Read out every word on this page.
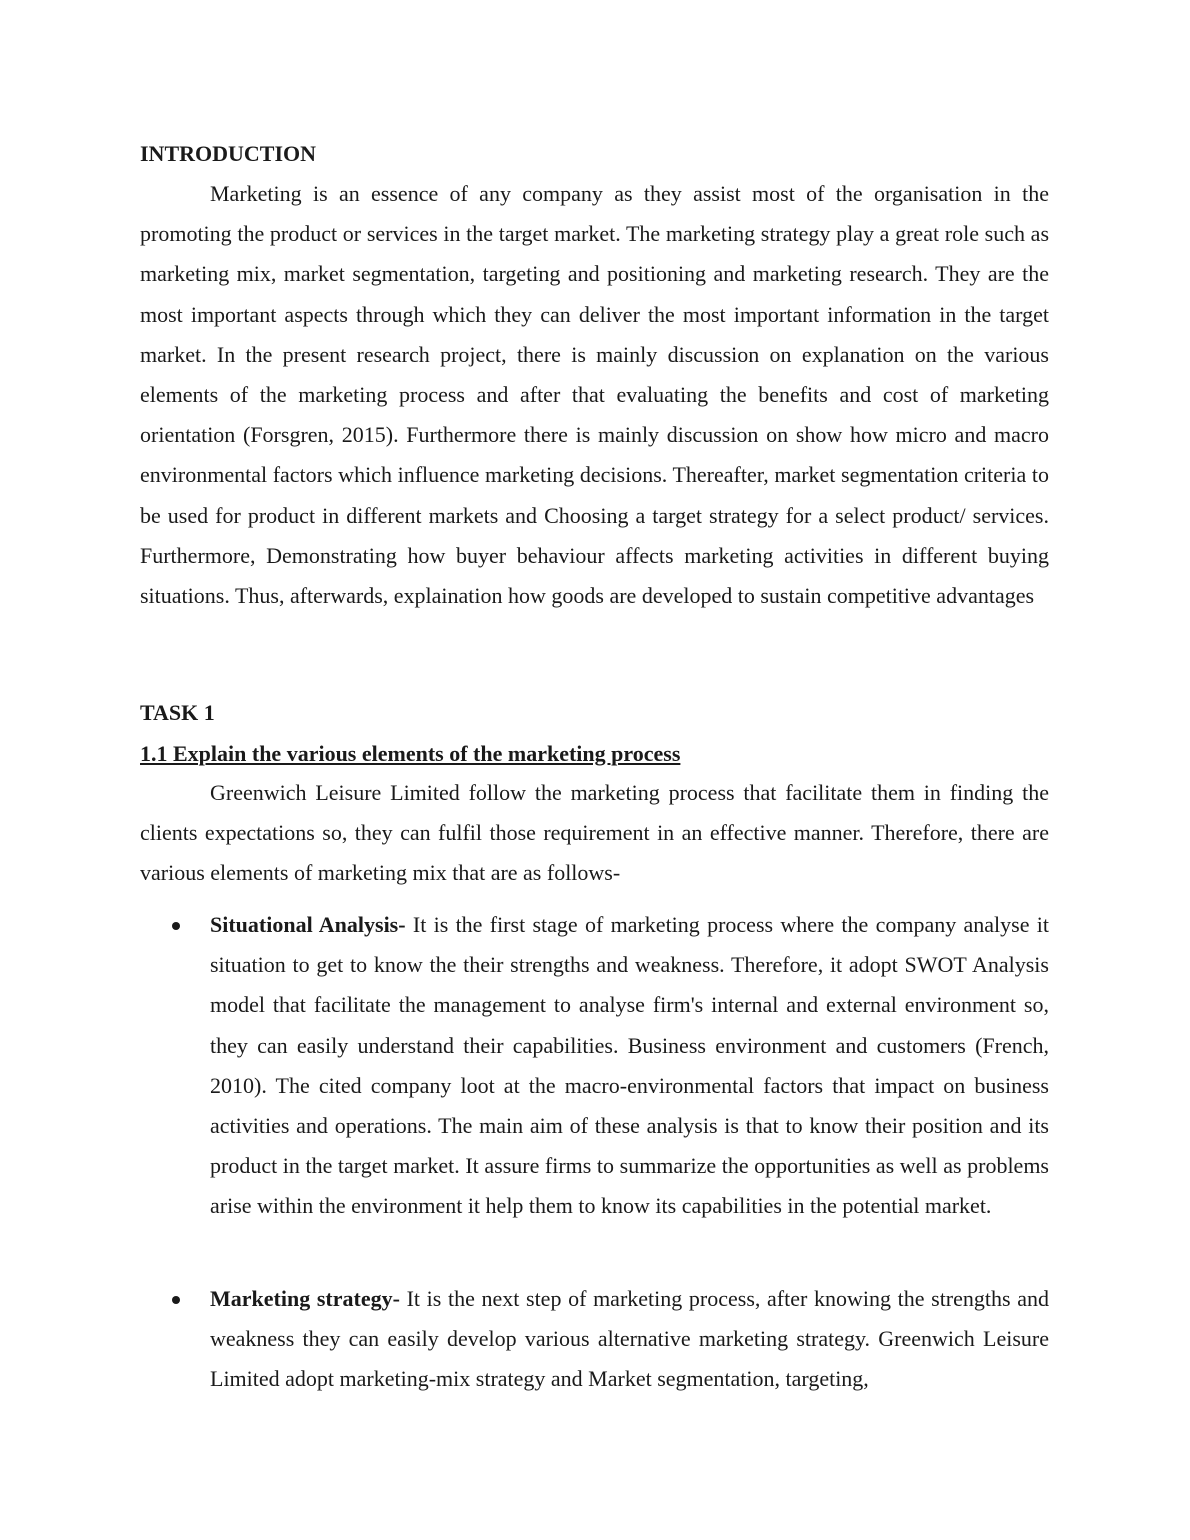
INTRODUCTION

Marketing is an essence of any company as they assist most of the organisation in the promoting the product or services in the target market. The marketing strategy play a great role such as marketing mix, market segmentation, targeting and positioning and marketing research. They are the most important aspects through which they can deliver the most important information in the target market. In the present research project, there is mainly discussion on explanation on the various elements of the marketing process and after that evaluating the benefits and cost of marketing orientation (Forsgren, 2015). Furthermore there is mainly discussion on show how micro and macro environmental factors which influence marketing decisions. Thereafter, market segmentation criteria to be used for product in different markets and Choosing a target strategy for a select product/ services. Furthermore, Demonstrating how buyer behaviour affects marketing activities in different buying situations. Thus, afterwards, explaination how goods are developed to sustain competitive advantages

TASK 1
1.1 Explain the various elements of the marketing process

Greenwich Leisure Limited follow the marketing process that facilitate them in finding the clients expectations so, they can fulfil those requirement in an effective manner. Therefore, there are various elements of marketing mix that are as follows-

Situational Analysis- It is the first stage of marketing process where the company analyse it situation to get to know the their strengths and weakness. Therefore, it adopt SWOT Analysis model that facilitate the management to analyse firm's internal and external environment so, they can easily understand their capabilities. Business environment and customers (French, 2010). The cited company loot at the macro-environmental factors that impact on business activities and operations. The main aim of these analysis is that to know their position and its product in the target market. It assure firms to summarize the opportunities as well as problems arise within the environment it help them to know its capabilities in the potential market.
Marketing strategy- It is the next step of marketing process, after knowing the strengths and weakness they can easily develop various alternative marketing strategy. Greenwich Leisure Limited adopt marketing-mix strategy and Market segmentation, targeting,
